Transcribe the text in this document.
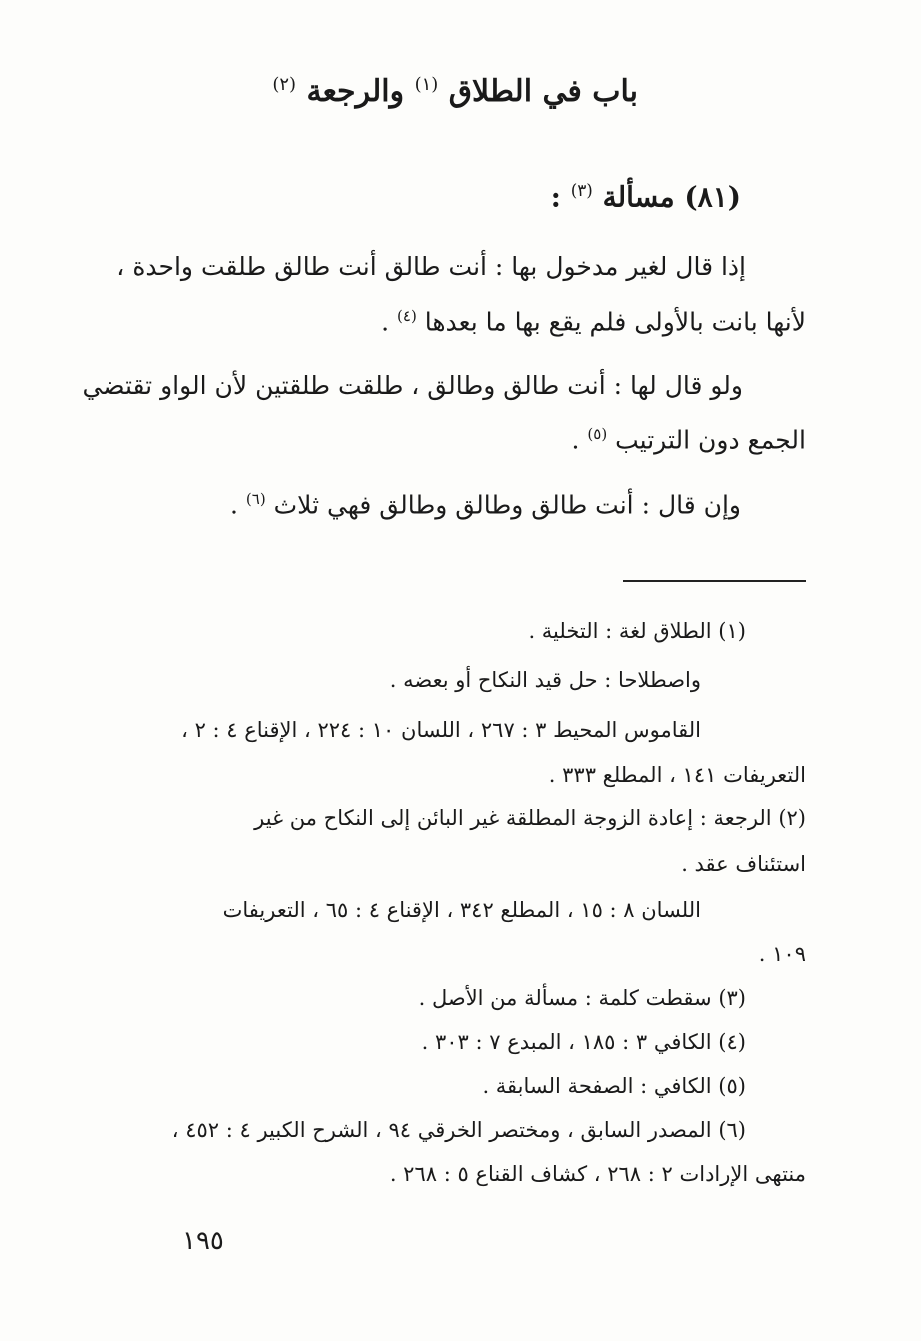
باب في الطلاق $^{(١)}$ والرجعة $^{(٢)}$
(٨١) مسألة $^{(٣)}$ :
إذا قال لغير مدخول بها : أنت طالق أنت طالق طلقت واحدة ،
لأنها بانت بالأولى فلم يقع بها ما بعدها $^{(٤)}$ .
ولو قال لها : أنت طالق وطالق ، طلقت طلقتين لأن الواو تقتضي
الجمع دون الترتيب $^{(٥)}$ .
وإن قال : أنت طالق وطالق وطالق فهي ثلاث $^{(٦)}$ .
(١) الطلاق لغة : التخلية .
واصطلاحا : حل قيد النكاح أو بعضه .
القاموس المحيط ٣ : ٢٦٧ ، اللسان ١٠ : ٢٢٤ ، الإقناع ٤ : ٢ ،
التعريفات ١٤١ ، المطلع ٣٣٣ .
(٢) الرجعة : إعادة الزوجة المطلقة غير البائن إلى النكاح من غير
استئناف عقد .
اللسان ٨ : ١٥ ، المطلع ٣٤٢ ، الإقناع ٤ : ٦٥ ، التعريفات
١٠٩ .
(٣) سقطت كلمة : مسألة من الأصل .
(٤) الكافي ٣ : ١٨٥ ، المبدع ٧ : ٣٠٣ .
(٥) الكافي : الصفحة السابقة .
(٦) المصدر السابق ، ومختصر الخرقي ٩٤ ، الشرح الكبير ٤ : ٤٥٢ ،
منتهى الإرادات ٢ : ٢٦٨ ، كشاف القناع ٥ : ٢٦٨ .
١٩٥
